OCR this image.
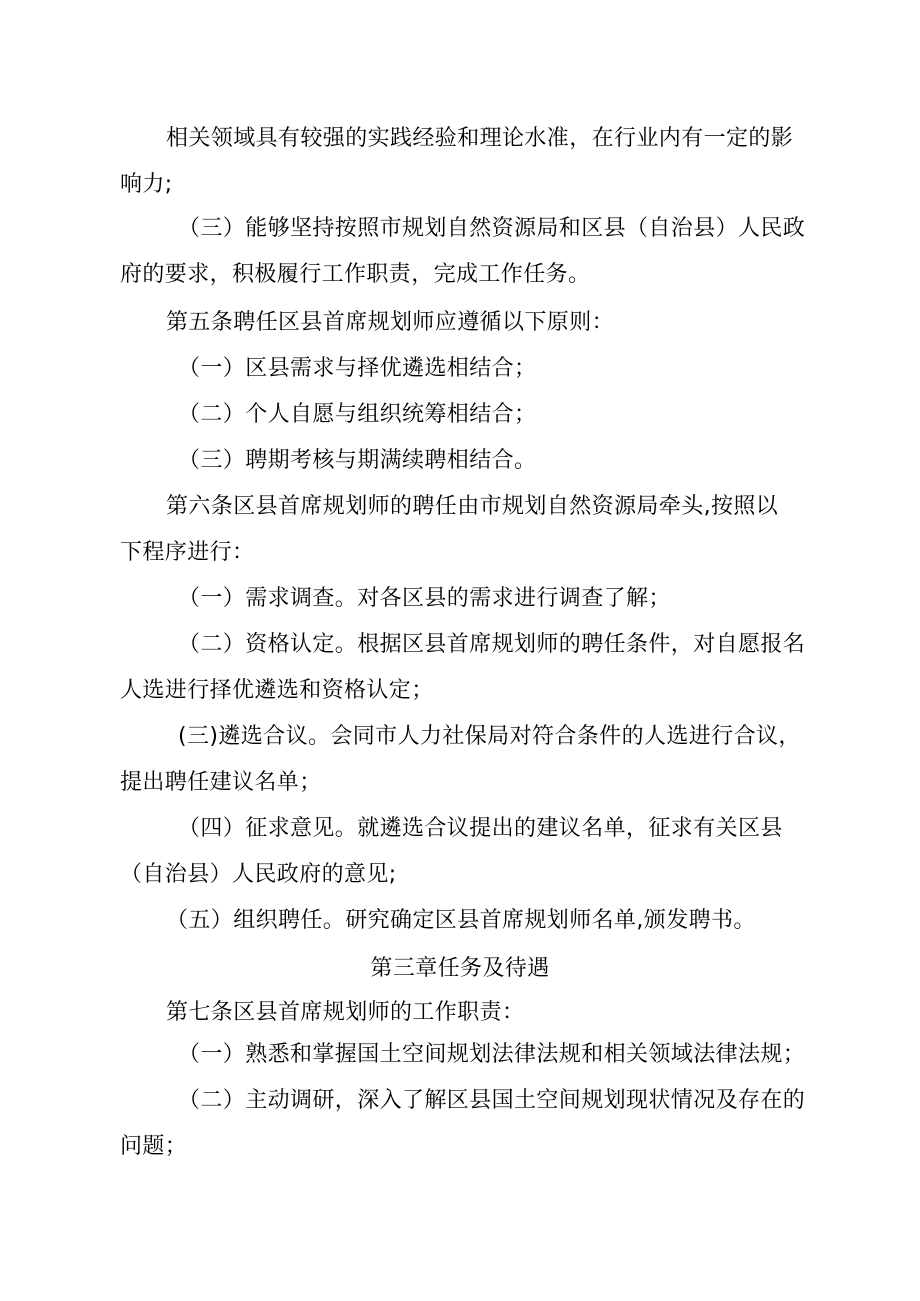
相关领域具有较强的实践经验和理论水准，在行业内有一定的影
响力;
（三）能够坚持按照市规划自然资源局和区县（自治县）人民政
府的要求，积极履行工作职责，完成工作任务。
第五条聘任区县首席规划师应遵循以下原则：
（一）区县需求与择优遴选相结合；
（二）个人自愿与组织统筹相结合；
（三）聘期考核与期满续聘相结合。
第六条区县首席规划师的聘任由市规划自然资源局牵头,按照以
下程序进行：
（一）需求调查。对各区县的需求进行调查了解；
（二）资格认定。根据区县首席规划师的聘任条件，对自愿报名
人选进行择优遴选和资格认定；
(三)遴选合议。会同市人力社保局对符合条件的人选进行合议，
提出聘任建议名单；
（四）征求意见。就遴选合议提出的建议名单，征求有关区县
（自治县）人民政府的意见;
（五）组织聘任。研究确定区县首席规划师名单,颁发聘书。
第三章任务及待遇
第七条区县首席规划师的工作职责：
（一）熟悉和掌握国土空间规划法律法规和相关领域法律法规；
（二）主动调研，深入了解区县国土空间规划现状情况及存在的
问题；
